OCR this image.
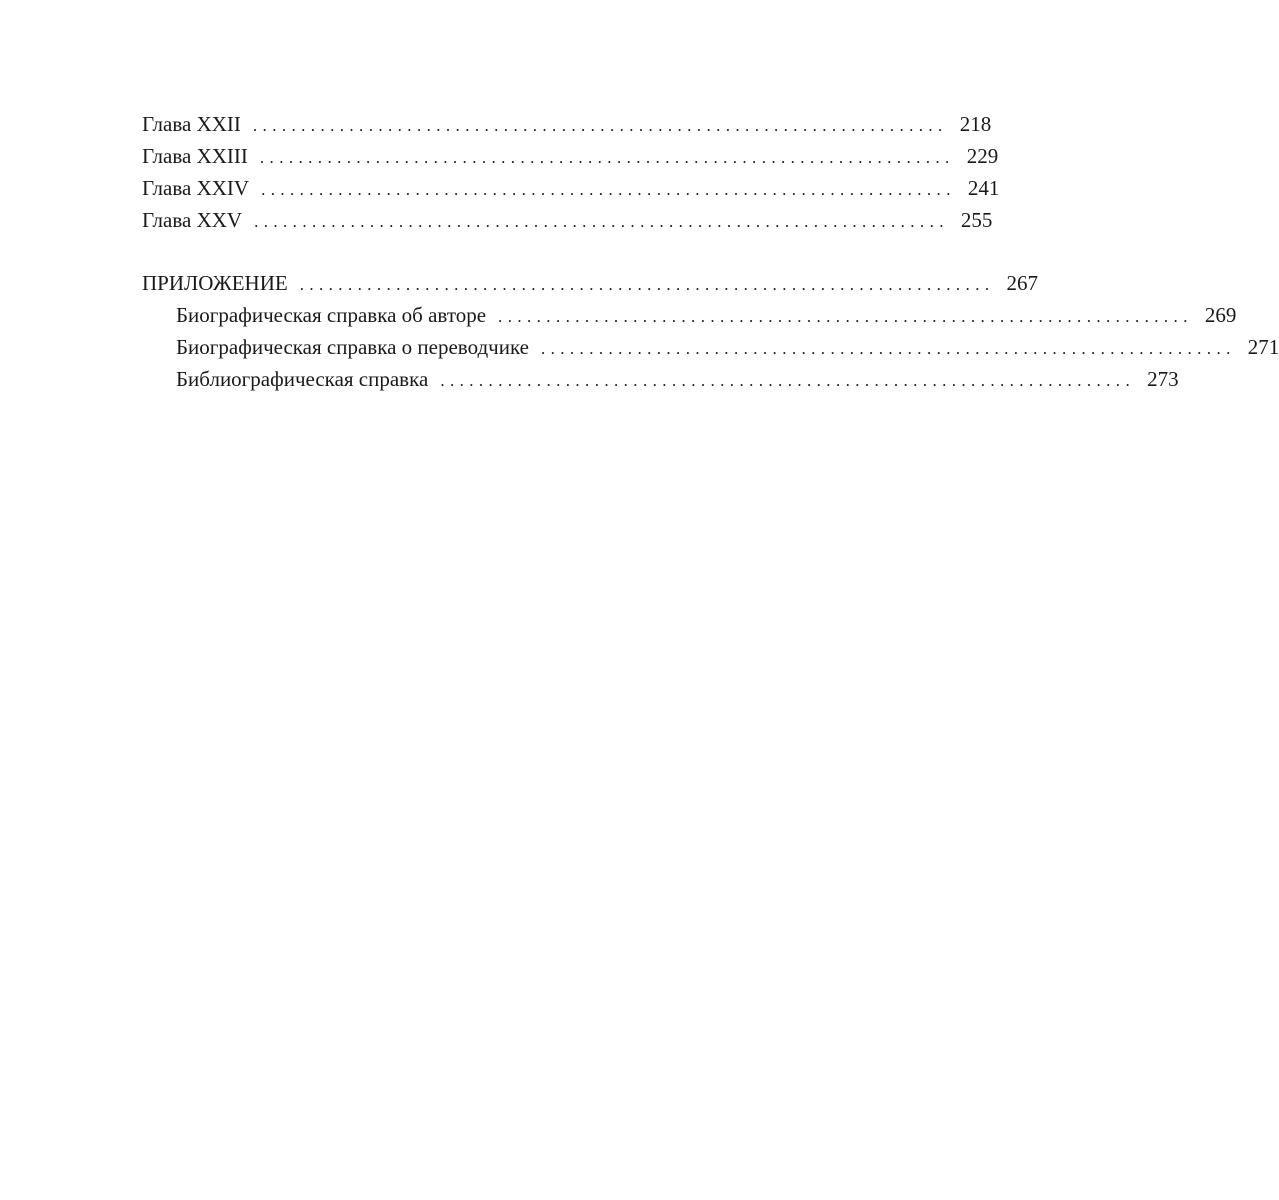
Глава XXII ........................................................................ 218
Глава XXIII ........................................................................ 229
Глава XXIV ........................................................................ 241
Глава XXV ........................................................................ 255
ПРИЛОЖЕНИЕ ........................................................................ 267
Биографическая справка об авторе ........................................................................ 269
Биографическая справка о переводчике ........................................................................ 271
Библиографическая справка ........................................................................ 273
